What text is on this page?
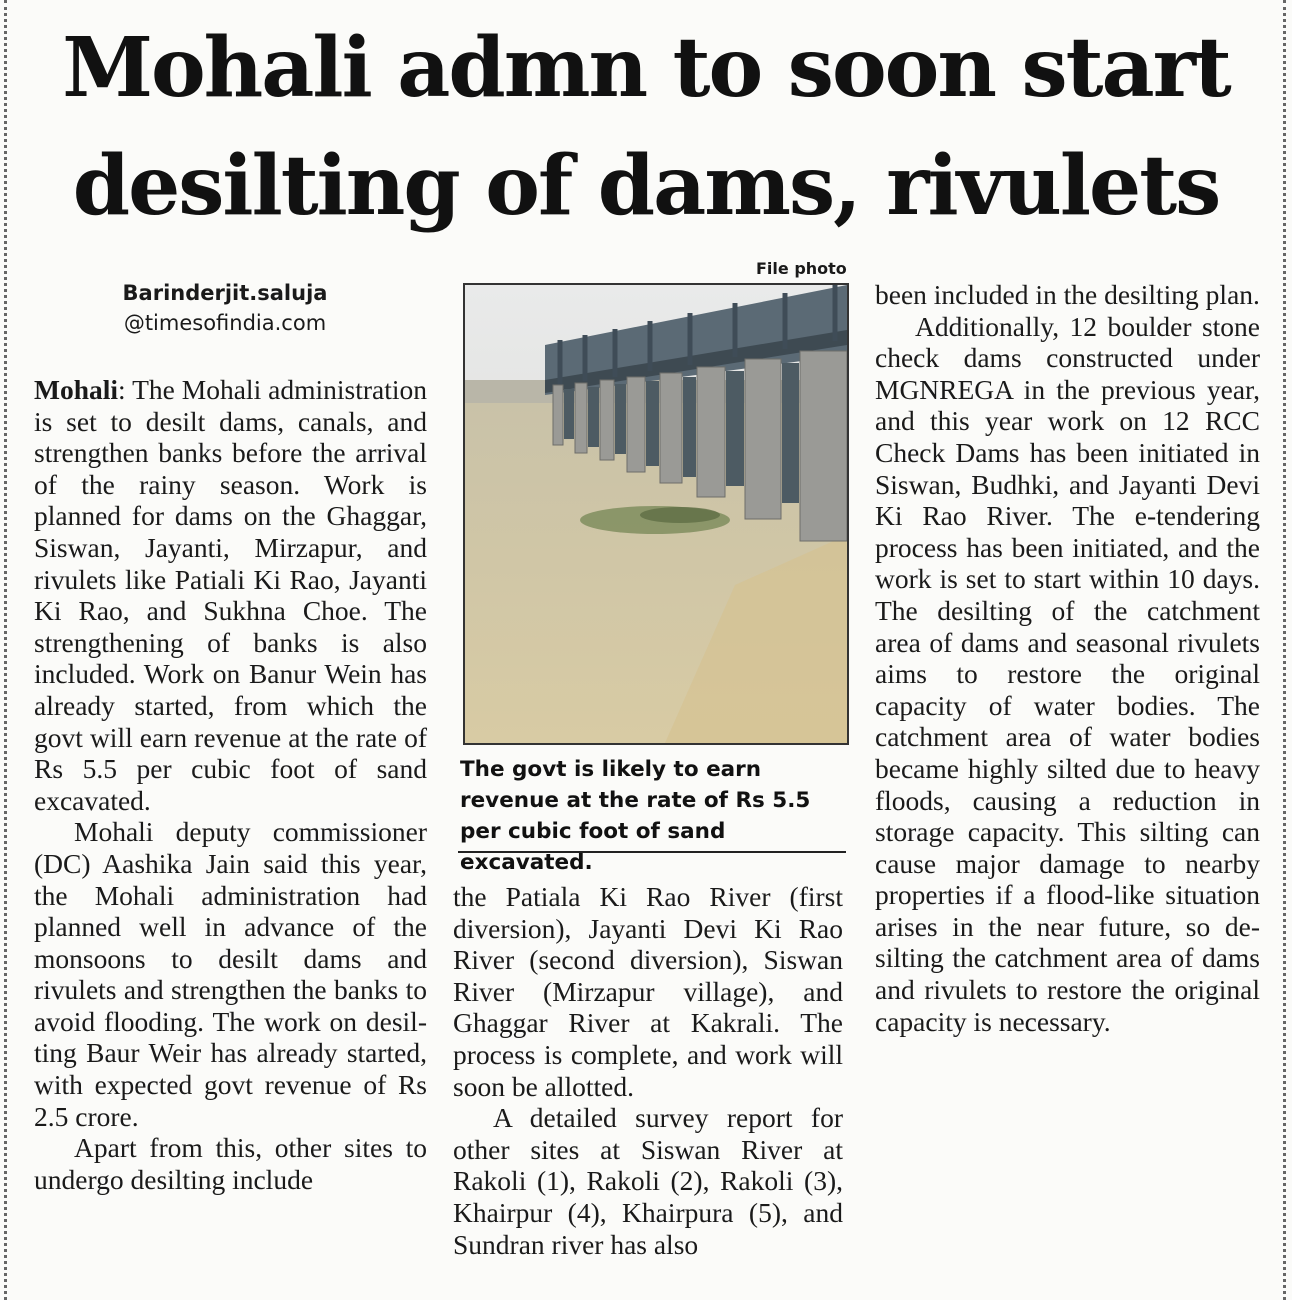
Mohali admn to soon start
desilting of dams, rivulets
Barinderjit.saluja
@timesofindia.com

Mohali: The Mohali administration is set to desilt dams, canals, and strengthen banks before the arrival of the rainy season. Work is planned for dams on the Ghaggar, Siswan, Jayanti, Mirzapur, and rivulets like Patiali Ki Rao, Jayanti Ki Rao, and Sukhna Choe. The strengthening of banks is also included. Work on Banur Wein has already started, from which the govt will earn revenue at the rate of Rs 5.5 per cubic foot of sand excavated.

Mohali deputy commissioner (DC) Aashika Jain said this year, the Mohali administration had planned well in advance of the monsoons to desilt dams and rivulets and strengthen the banks to avoid flooding. The work on desilting Baur Weir has already started, with expected govt revenue of Rs 2.5 crore.

Apart from this, other sites to undergo desilting include

File photo
The govt is likely to earn revenue at the rate of Rs 5.5 per cubic foot of sand excavated.

the Patiala Ki Rao River (first diversion), Jayanti Devi Ki Rao River (second diversion), Siswan River (Mirzapur village), and Ghaggar River at Kakrali. The process is complete, and work will soon be allotted.

A detailed survey report for other sites at Siswan River at Rakoli (1), Rakoli (2), Rakoli (3), Khairpur (4), Khairpura (5), and Sundran river has also

been included in the desilting plan.

Additionally, 12 boulder stone check dams constructed under MGNREGA in the previous year, and this year work on 12 RCC Check Dams has been initiated in Siswan, Budhki, and Jayanti Devi Ki Rao River. The e-tendering process has been initiated, and the work is set to start within 10 days. The desilting of the catchment area of dams and seasonal rivulets aims to restore the original capacity of water bodies. The catchment area of water bodies became highly silted due to heavy floods, causing a reduction in storage capacity. This silting can cause major damage to nearby properties if a flood-like situation arises in the near future, so desilting the catchment area of dams and rivulets to restore the original capacity is necessary.
